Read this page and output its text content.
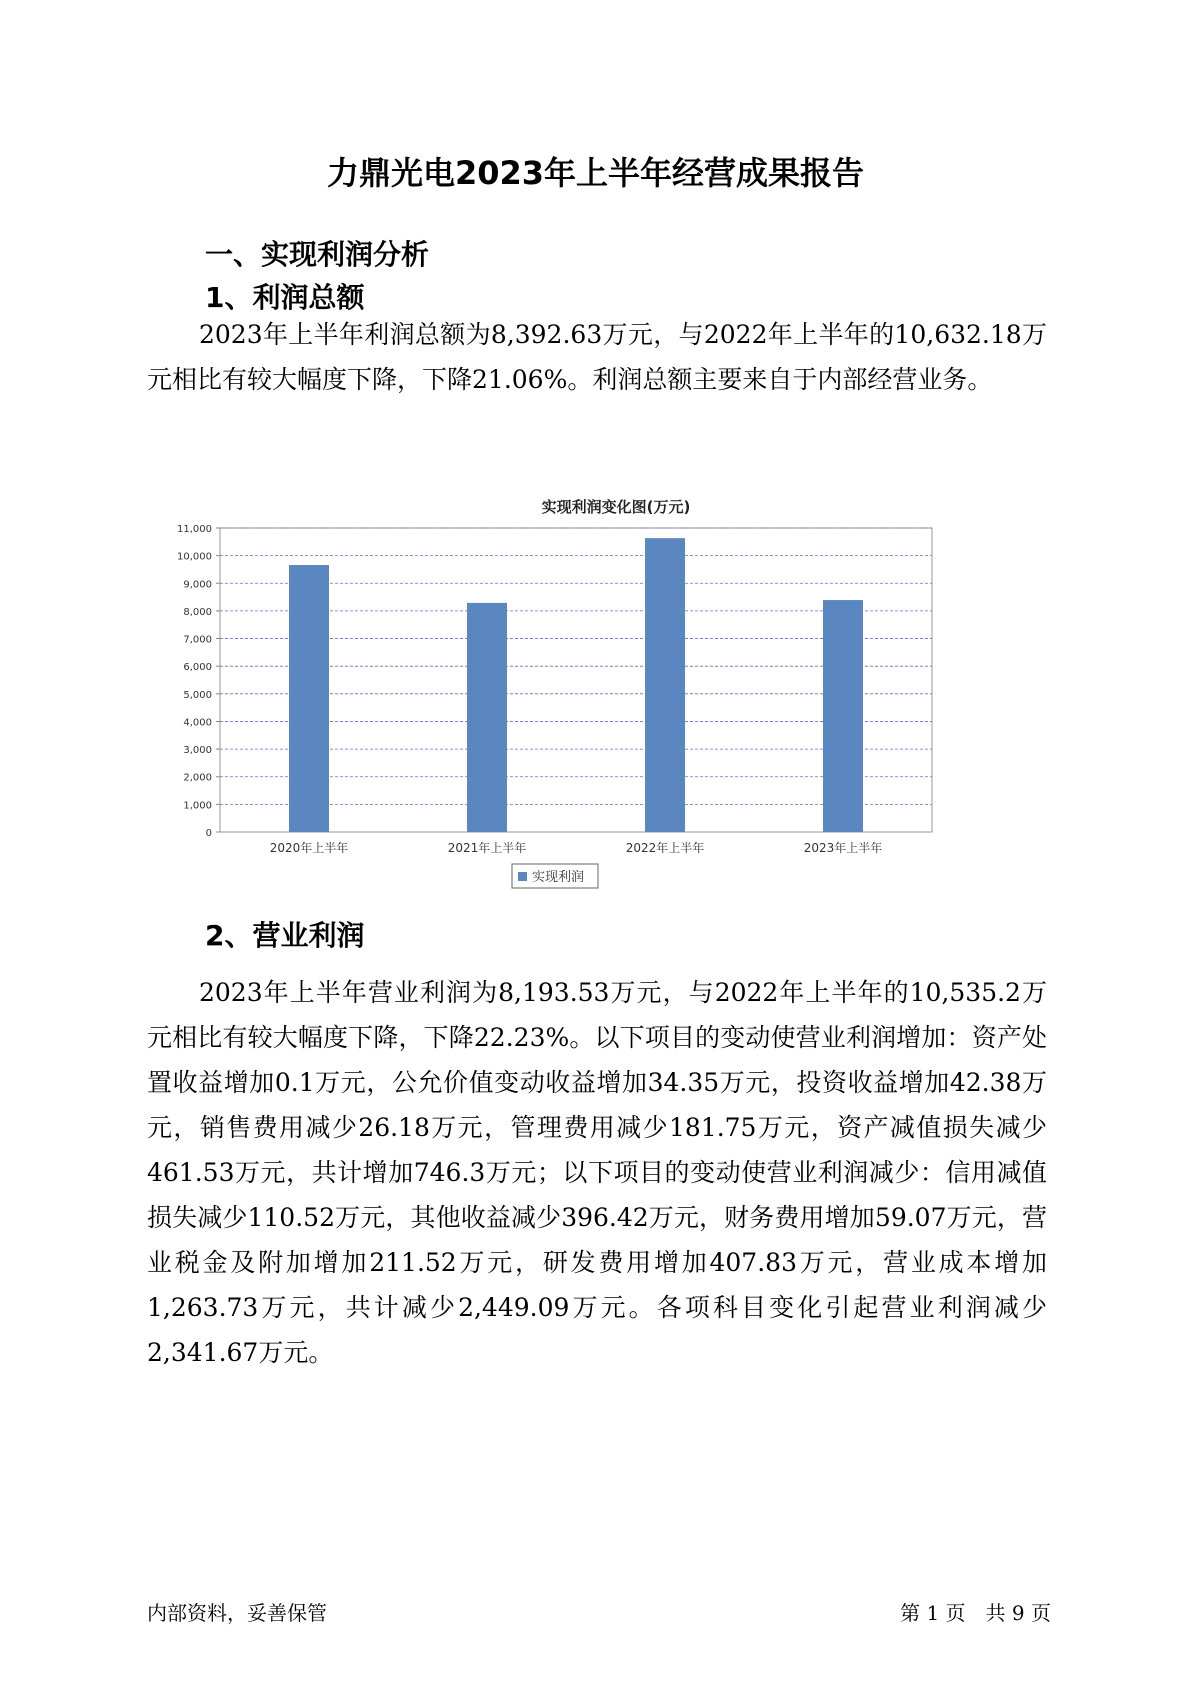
力鼎光电2023年上半年经营成果报告
一、实现利润分析
1、利润总额

2023年上半年利润总额为8,392.63万元，与2022年上半年的10,632.18万元相比有较大幅度下降，下降21.06%。利润总额主要来自于内部经营业务。

实现利润变化图(万元)
0
1,000
2,000
3,000
4,000
5,000
6,000
7,000
8,000
9,000
10,000
11,000
2020年上半年	2021年上半年	2022年上半年	2023年上半年
实现利润
2、营业利润

2023年上半年营业利润为8,193.53万元，与2022年上半年的10,535.2万元相比有较大幅度下降，下降22.23%。以下项目的变动使营业利润增加：资产处置收益增加0.1万元，公允价值变动收益增加34.35万元，投资收益增加42.38万元，销售费用减少26.18万元，管理费用减少181.75万元，资产减值损失减少461.53万元，共计增加746.3万元；以下项目的变动使营业利润减少：信用减值损失减少110.52万元，其他收益减少396.42万元，财务费用增加59.07万元，营业税金及附加增加211.52万元，研发费用增加407.83万元，营业成本增加1,263.73万元，共计减少2,449.09万元。各项科目变化引起营业利润减少2,341.67万元。

内部资料，妥善保管	第 1 页　共 9 页
